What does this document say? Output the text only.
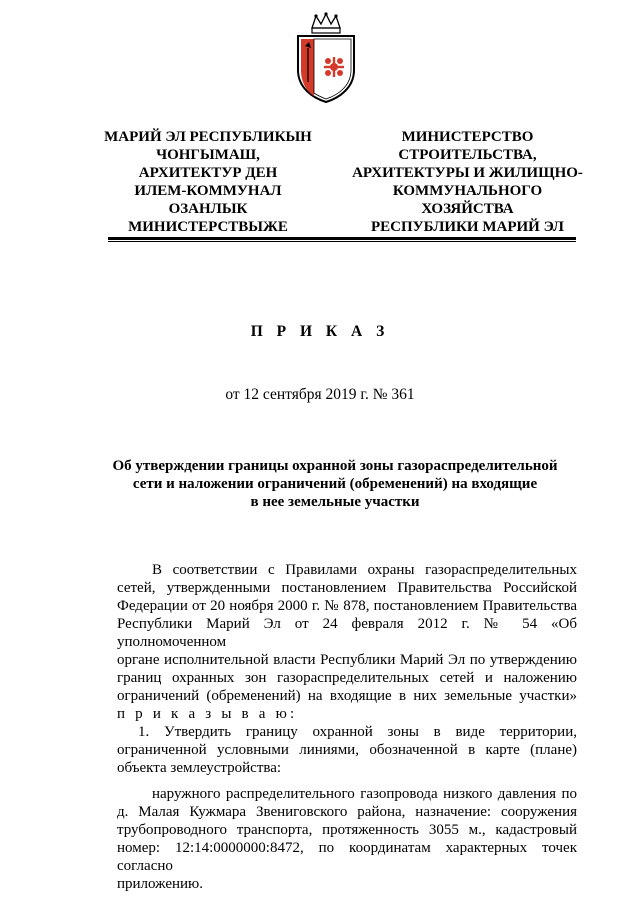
МАРИЙ ЭЛ РЕСПУБЛИКЫН
ЧОНГЫМАШ,
АРХИТЕКТУР ДЕН
ИЛЕМ-КОММУНАЛ
ОЗАНЛЫК
МИНИСТЕРСТВЫЖЕ
МИНИСТЕРСТВО
СТРОИТЕЛЬСТВА,
АРХИТЕКТУРЫ И ЖИЛИЩНО-
КОММУНАЛЬНОГО
ХОЗЯЙСТВА
РЕСПУБЛИКИ МАРИЙ ЭЛ
П Р И К А З
от 12 сентября 2019 г. № 361
Об утверждении границы охранной зоны газораспределительной
сети и наложении ограничений (обременений) на входящие
в нее земельные участки
В соответствии с Правилами охраны газораспределительных
сетей, утвержденными постановлением Правительства Российской
Федерации от 20 ноября 2000 г. № 878, постановлением Правительства
Республики Марий Эл от 24 февраля 2012 г. № 54 «Об уполномоченном
органе исполнительной власти Республики Марий Эл по утверждению
границ охранных зон газораспределительных сетей и наложению
ограничений (обременений) на входящие в них земельные участки»
п р и к а з ы в а ю:
1. Утвердить границу охранной зоны в виде территории,
ограниченной условными линиями, обозначенной в карте (плане)
объекта землеустройства:
наружного распределительного газопровода низкого давления по
д. Малая Кужмара Звениговского района, назначение: сооружения
трубопроводного транспорта, протяженность 3055 м., кадастровый
номер: 12:14:0000000:8472, по координатам характерных точек согласно
приложению.
